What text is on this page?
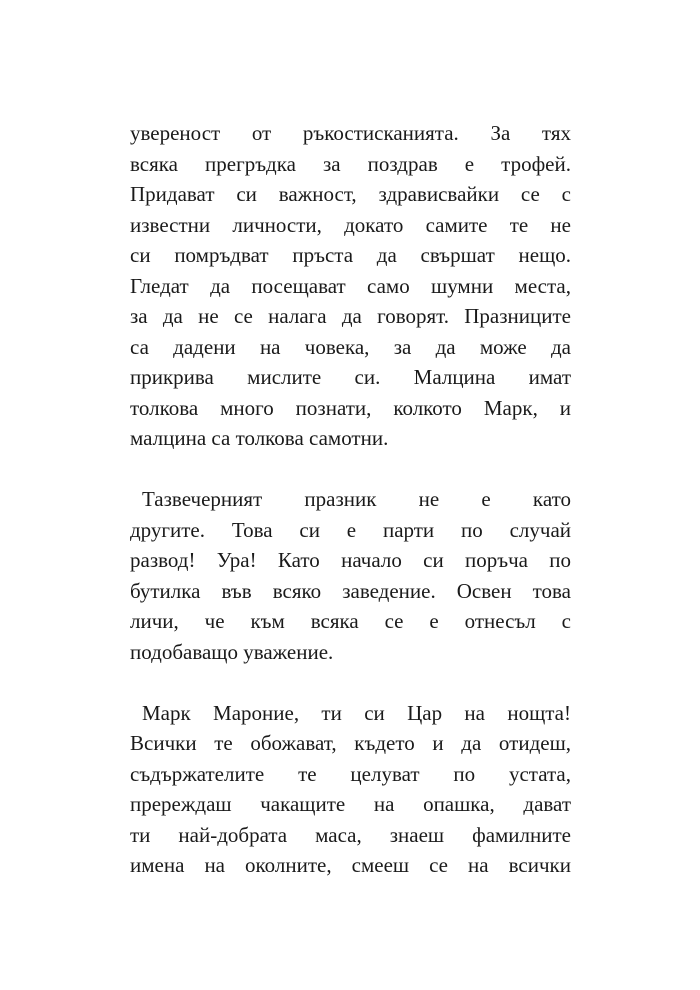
увереност от ръкостисканията. За тях
всяка прегръдка за поздрав е трофей.
Придават си важност, здрависвайки се с
известни личности, докато самите те не
си помръдват пръста да свършат нещо.
Гледат да посещават само шумни места,
за да не се налага да говорят. Празниците
са дадени на човека, за да може да
прикрива мислите си. Малцина имат
толкова много познати, колкото Марк, и
малцина са толкова самотни.
Тазвечерният празник не е като
другите. Това си е парти по случай
развод! Ура! Като начало си поръча по
бутилка във всяко заведение. Освен това
личи, че към всяка се е отнесъл с
подобаващо уважение.
Марк Мароние, ти си Цар на нощта!
Всички те обожават, където и да отидеш,
съдържателите те целуват по устата,
пререждаш чакащите на опашка, дават
ти най-добрата маса, знаеш фамилните
имена на околните, смееш се на всички
